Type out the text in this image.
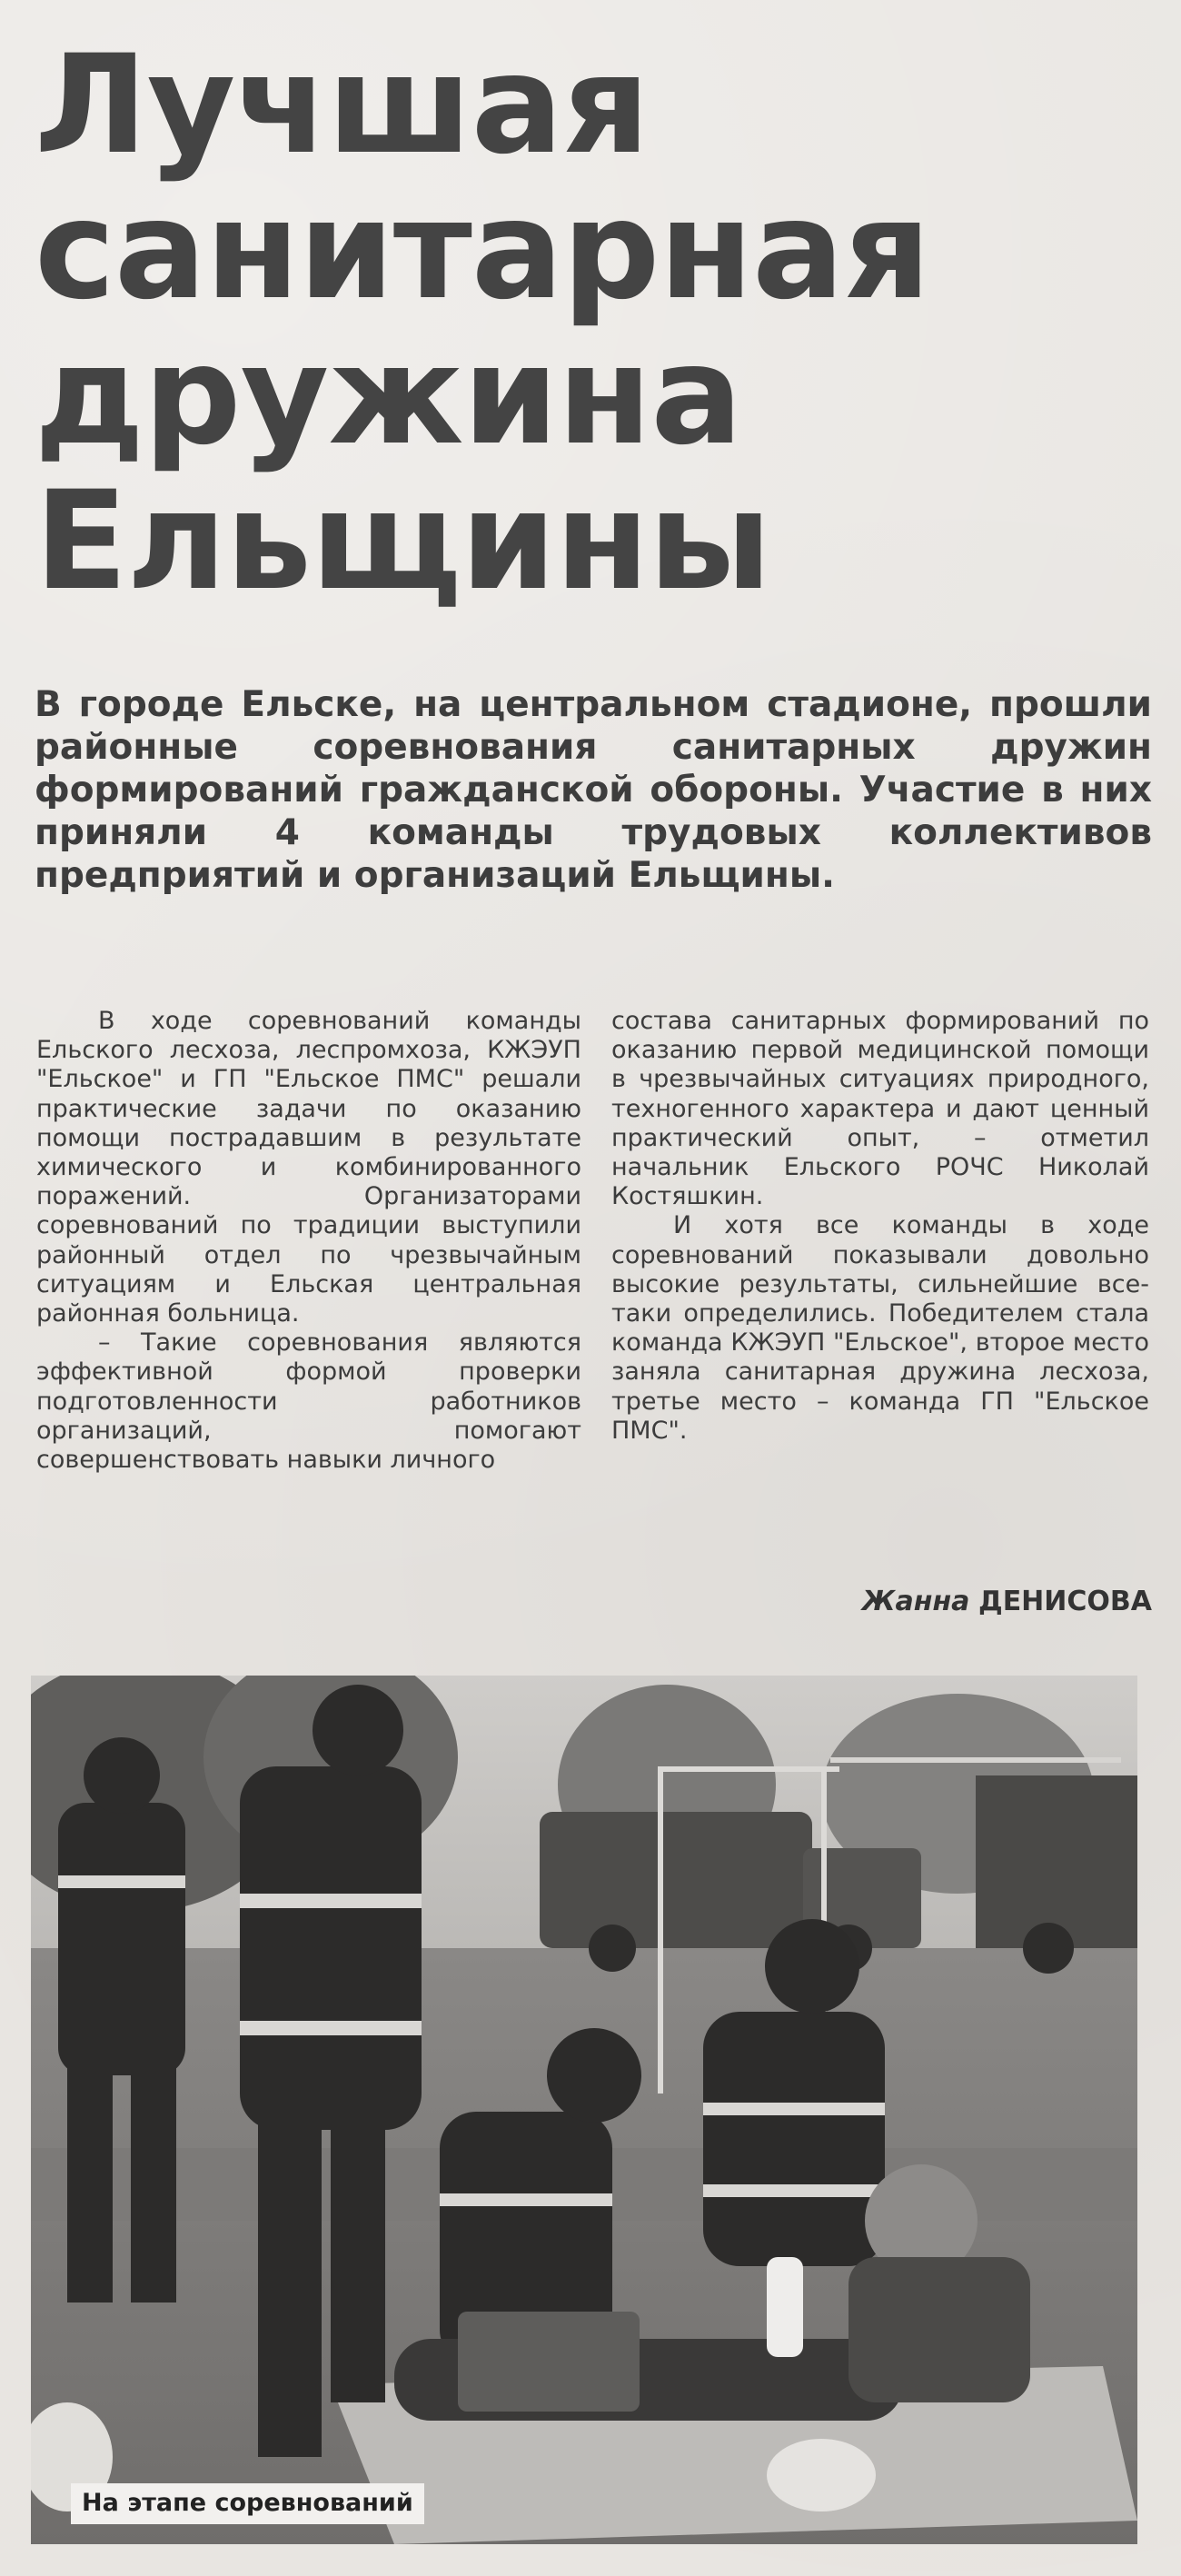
Лучшая
санитарная
дружина
Ельщины
В городе Ельске, на центральном стадионе, прошли районные соревнования санитарных дружин формирований гражданской обороны. Участие в них приняли 4 команды трудовых коллективов предприятий и организаций Ельщины.

В ходе соревнований команды Ельского лесхоза, леспромхоза, КЖЭУП "Ельское" и ГП "Ельское ПМС" решали практические задачи по оказанию помощи пострадавшим в результате химического и комбинированного поражений. Организаторами соревнований по традиции выступили районный отдел по чрезвычайным ситуациям и Ельская центральная районная больница.

– Такие соревнования являются эффективной формой проверки подготовленности работников организаций, помогают совершенствовать навыки личного

состава санитарных формирований по оказанию первой медицинской помощи в чрезвычайных ситуациях природного, техногенного характера и дают ценный практический опыт, – отметил начальник Ельского РОЧС Николай Костяшкин.

И хотя все команды в ходе соревнований показывали довольно высокие результаты, сильнейшие все-таки определились. Победителем стала команда КЖЭУП "Ельское", второе место заняла санитарная дружина лесхоза, третье место – команда ГП "Ельское ПМС".

Жанна ДЕНИСОВА
На этапе соревнований
